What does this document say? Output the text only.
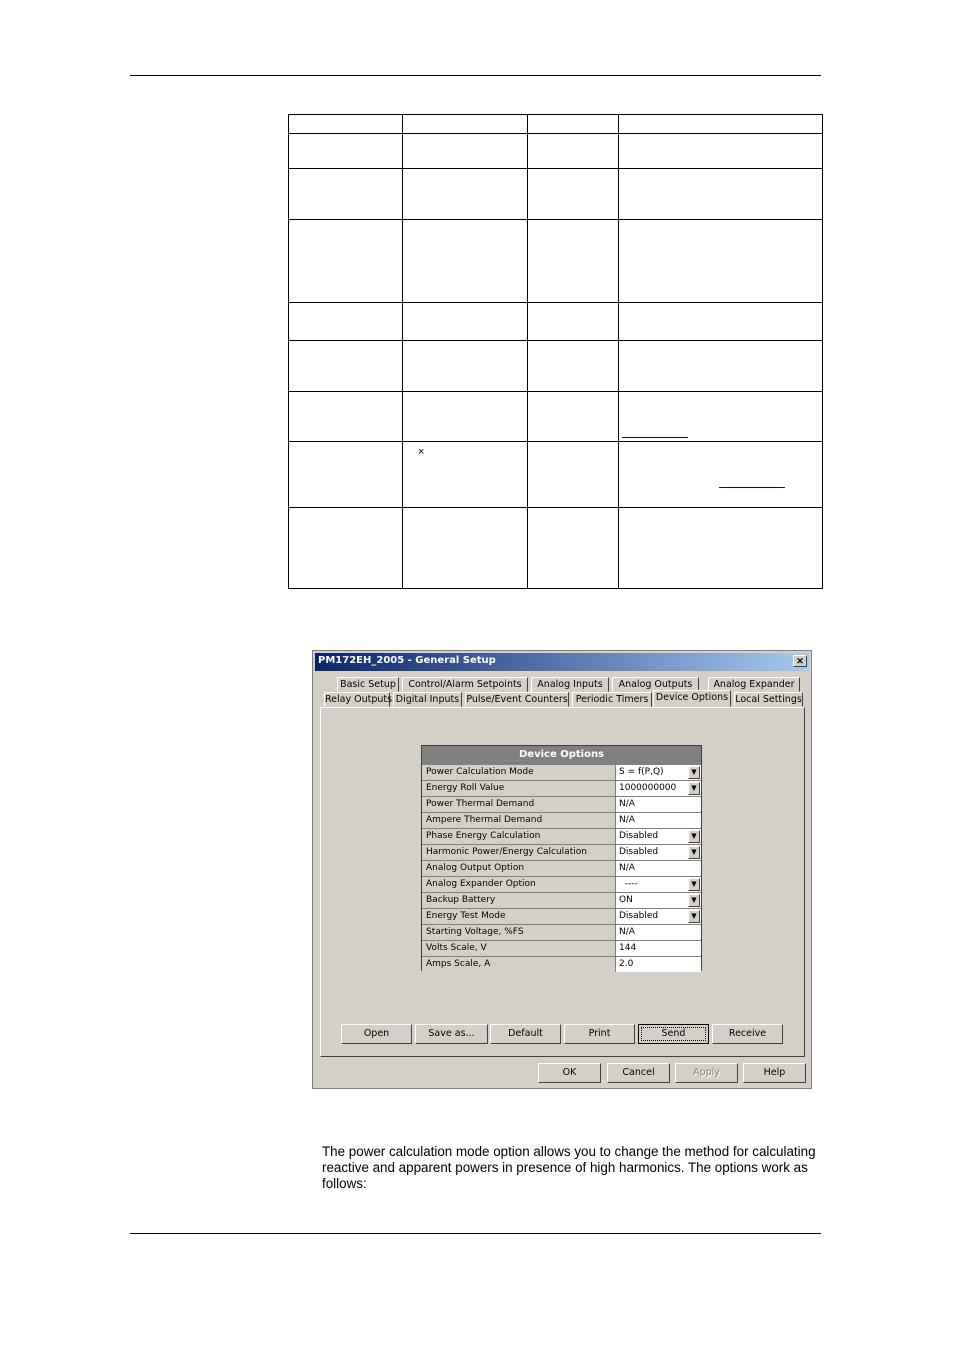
×
PM172EH_2005 - General Setup	✕
Basic Setup	Control/Alarm Setpoints	Analog Inputs	Analog Outputs	Analog Expander
Relay Outputs Digital Inputs Pulse/Event Counters Periodic Timers Device Options Local Settings
Device Options
Power Calculation Mode	S = f(P,Q)	▼
Energy Roll Value	1000000000	▼
Power Thermal Demand	N/A
Ampere Thermal Demand	N/A
Phase Energy Calculation	Disabled	▼
Harmonic Power/Energy Calculation	Disabled	▼
Analog Output Option	N/A
Analog Expander Option	----	▼
Backup Battery	ON	▼
Energy Test Mode	Disabled	▼
Starting Voltage, %FS	N/A
Volts Scale, V	144
Amps Scale, A	2.0
Open	Save as...	Default	Print	Send	Receive
OK	Cancel	Apply	Help
The power calculation mode option allows you to change the method for calculating reactive and apparent powers in presence of high harmonics. The options work as follows:
